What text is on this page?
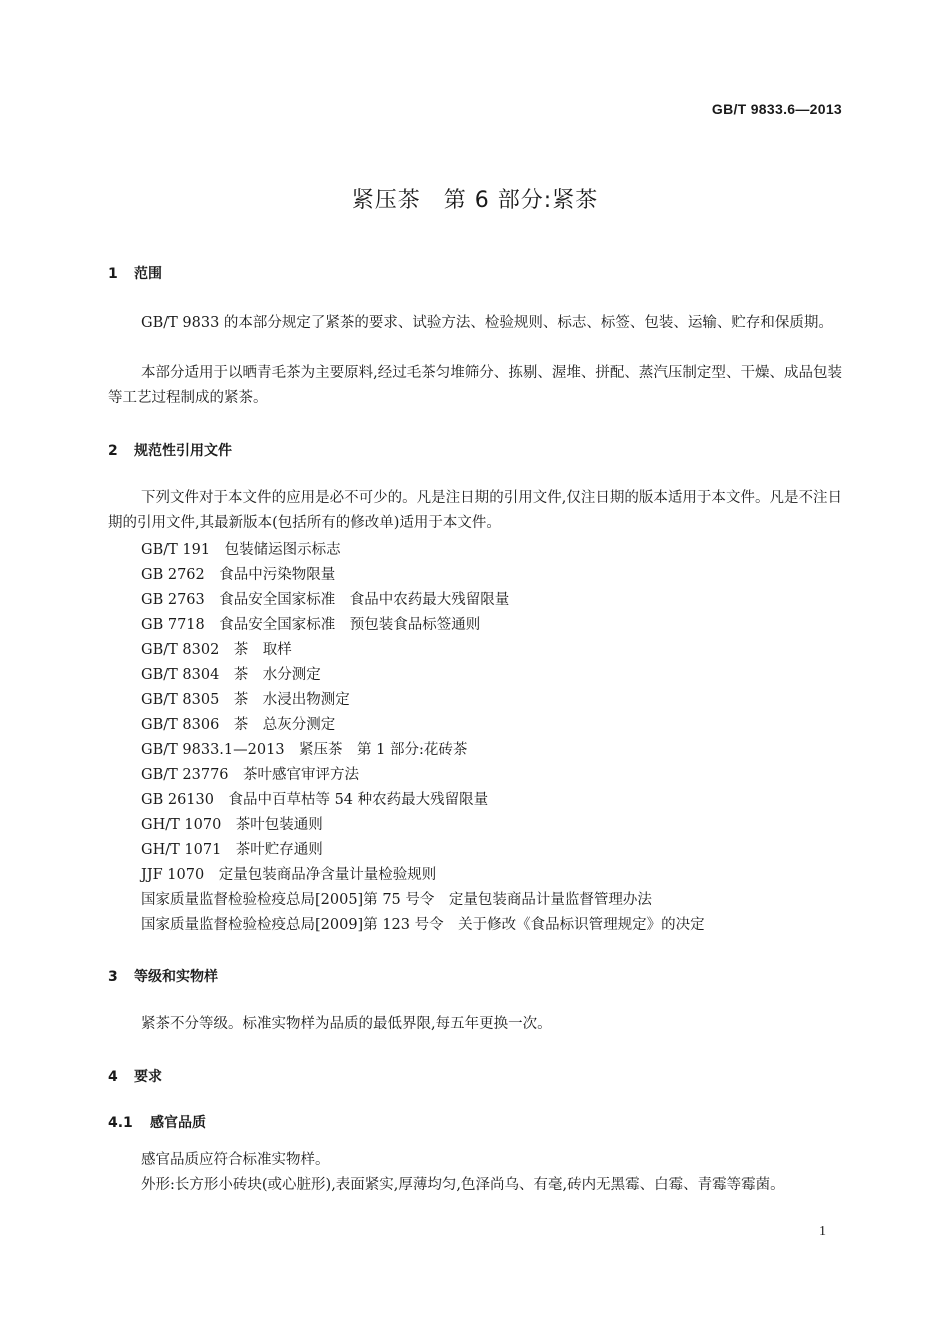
GB/T 9833.6—2013
紧压茶　第 6 部分:紧茶
1 范围
GB/T 9833 的本部分规定了紧茶的要求、试验方法、检验规则、标志、标签、包装、运输、贮存和保质期。
本部分适用于以晒青毛茶为主要原料,经过毛茶匀堆筛分、拣剔、渥堆、拼配、蒸汽压制定型、干燥、成品包装等工艺过程制成的紧茶。
2 规范性引用文件
下列文件对于本文件的应用是必不可少的。凡是注日期的引用文件,仅注日期的版本适用于本文件。凡是不注日期的引用文件,其最新版本(包括所有的修改单)适用于本文件。
GB/T 191　包装储运图示标志
GB 2762　食品中污染物限量
GB 2763　食品安全国家标准　食品中农药最大残留限量
GB 7718　食品安全国家标准　预包装食品标签通则
GB/T 8302　茶　取样
GB/T 8304　茶　水分测定
GB/T 8305　茶　水浸出物测定
GB/T 8306　茶　总灰分测定
GB/T 9833.1—2013　紧压茶　第 1 部分:花砖茶
GB/T 23776　茶叶感官审评方法
GB 26130　食品中百草枯等 54 种农药最大残留限量
GH/T 1070　茶叶包装通则
GH/T 1071　茶叶贮存通则
JJF 1070　定量包装商品净含量计量检验规则
国家质量监督检验检疫总局[2005]第 75 号令　定量包装商品计量监督管理办法
国家质量监督检验检疫总局[2009]第 123 号令　关于修改《食品标识管理规定》的决定
3 等级和实物样
紧茶不分等级。标准实物样为品质的最低界限,每五年更换一次。
4 要求
4.1 感官品质
感官品质应符合标准实物样。
外形:长方形小砖块(或心脏形),表面紧实,厚薄均匀,色泽尚乌、有毫,砖内无黑霉、白霉、青霉等霉菌。
1
